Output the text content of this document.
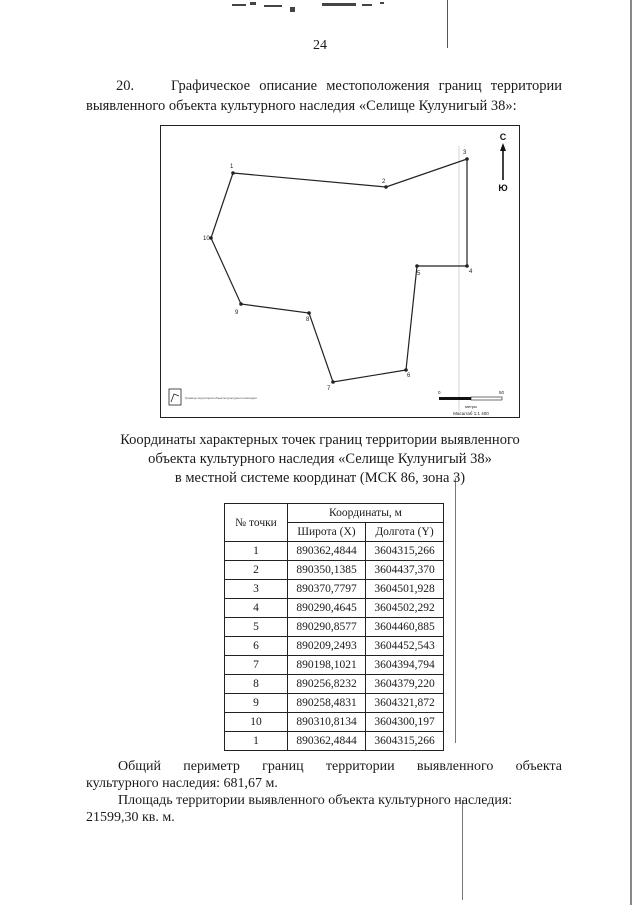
24
20.	Графическое описание местоположения границ территории выявленного объекта культурного наследия «Селище Кулунигый 38»:
1
2
3
4
5
6
7
8
9
10
С
Ю
Граница территории объекта культурного наследия
0	50
метры
Масштаб 1:1 400
Координаты характерных точек границ территории выявленного
объекта культурного наследия «Селище Кулунигый 38»
в местной системе координат (МСК 86, зона 3)
№ точки	Координаты, м	
	Широта (X)	Долгота (Y)
1	890362,4844	3604315,266
2	890350,1385	3604437,370
3	890370,7797	3604501,928
4	890290,4645	3604502,292
5	890290,8577	3604460,885
6	890209,2493	3604452,543
7	890198,1021	3604394,794
8	890256,8232	3604379,220
9	890258,4831	3604321,872
10	890310,8134	3604300,197
1	890362,4844	3604315,266

Общий периметр границ территории выявленного объекта

культурного наследия: 681,67 м.

Площадь территории выявленного объекта культурного наследия:

21599,30 кв. м.
